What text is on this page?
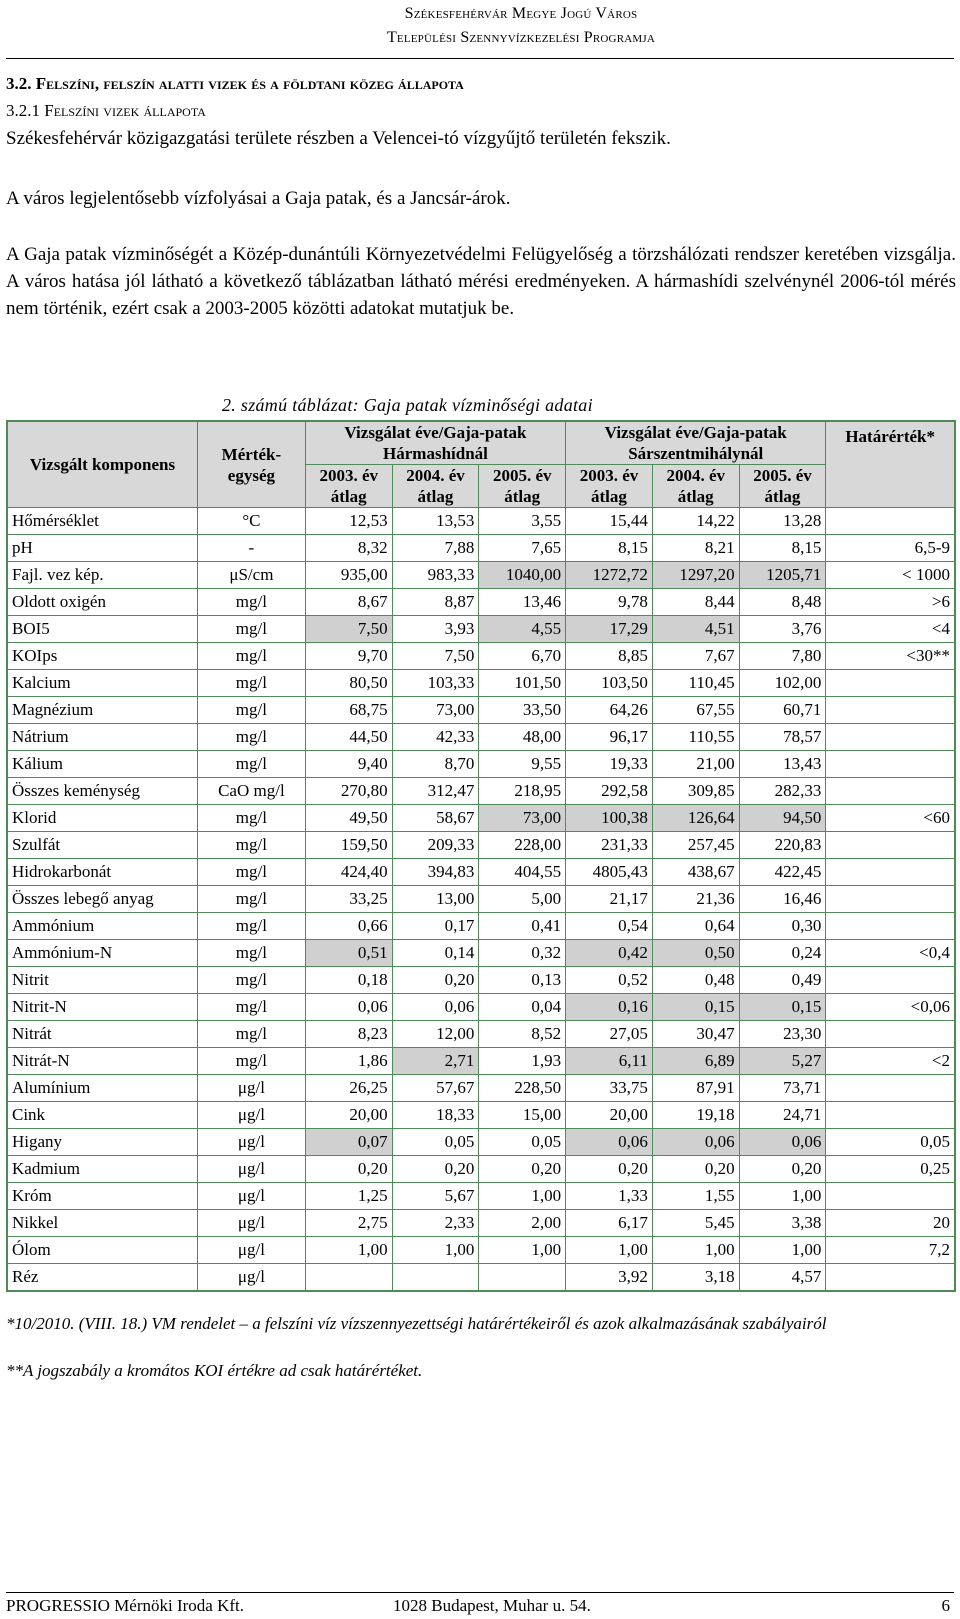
Székesfehérvár Megye Jogú Város
Települési Szennyvízkezelési Programja
3.2. Felszíni, felszín alatti vizek és a földtani közeg állapota
3.2.1 Felszíni vizek állapota
Székesfehérvár közigazgatási területe részben a Velencei-tó vízgyűjtő területén fekszik.
A város legjelentősebb vízfolyásai a Gaja patak, és a Jancsár-árok.
A Gaja patak vízminőségét a Közép-dunántúli Környezetvédelmi Felügyelőség a törzshálózati rendszer keretében vizsgálja. A város hatása jól látható a következő táblázatban látható mérési eredményeken. A hármashídi szelvénynél 2006-tól mérés nem történik, ezért csak a 2003-2005 közötti adatokat mutatjuk be.
2. számú táblázat: Gaja patak vízminőségi adatai
Vizsgált komponens	Mérték-egység	Vizsgálat éve/Gaja-patak Hármashídnál			Vizsgálat éve/Gaja-patak Sárszentmihálynál			Határérték*
		2003. év átlag	2004. év átlag	2005. év átlag	2003. év átlag	2004. év átlag	2005. év átlag	
Hőmérséklet	°C	12,53	13,53	3,55	15,44	14,22	13,28	
pH	-	8,32	7,88	7,65	8,15	8,21	8,15	6,5-9
Fajl. vez kép.	μS/cm	935,00	983,33	1040,00	1272,72	1297,20	1205,71	< 1000
Oldott oxigén	mg/l	8,67	8,87	13,46	9,78	8,44	8,48	>6
BOI5	mg/l	7,50	3,93	4,55	17,29	4,51	3,76	<4
KOIps	mg/l	9,70	7,50	6,70	8,85	7,67	7,80	<30**
Kalcium	mg/l	80,50	103,33	101,50	103,50	110,45	102,00	
Magnézium	mg/l	68,75	73,00	33,50	64,26	67,55	60,71	
Nátrium	mg/l	44,50	42,33	48,00	96,17	110,55	78,57	
Kálium	mg/l	9,40	8,70	9,55	19,33	21,00	13,43	
Összes keménység	CaO mg/l	270,80	312,47	218,95	292,58	309,85	282,33	
Klorid	mg/l	49,50	58,67	73,00	100,38	126,64	94,50	<60
Szulfát	mg/l	159,50	209,33	228,00	231,33	257,45	220,83	
Hidrokarbonát	mg/l	424,40	394,83	404,55	4805,43	438,67	422,45	
Összes lebegő anyag	mg/l	33,25	13,00	5,00	21,17	21,36	16,46	
Ammónium	mg/l	0,66	0,17	0,41	0,54	0,64	0,30	
Ammónium-N	mg/l	0,51	0,14	0,32	0,42	0,50	0,24	<0,4
Nitrit	mg/l	0,18	0,20	0,13	0,52	0,48	0,49	
Nitrit-N	mg/l	0,06	0,06	0,04	0,16	0,15	0,15	<0,06
Nitrát	mg/l	8,23	12,00	8,52	27,05	30,47	23,30	
Nitrát-N	mg/l	1,86	2,71	1,93	6,11	6,89	5,27	<2
Alumínium	μg/l	26,25	57,67	228,50	33,75	87,91	73,71	
Cink	μg/l	20,00	18,33	15,00	20,00	19,18	24,71	
Higany	μg/l	0,07	0,05	0,05	0,06	0,06	0,06	0,05
Kadmium	μg/l	0,20	0,20	0,20	0,20	0,20	0,20	0,25
Króm	μg/l	1,25	5,67	1,00	1,33	1,55	1,00	
Nikkel	μg/l	2,75	2,33	2,00	6,17	5,45	3,38	20
Ólom	μg/l	1,00	1,00	1,00	1,00	1,00	1,00	7,2
Réz	μg/l				3,92	3,18	4,57	
*10/2010. (VIII. 18.) VM rendelet – a felszíni víz vízszennyezettségi határértékeiről és azok alkalmazásának szabályairól
**A jogszabály a kromátos KOI értékre ad csak határértéket.
PROGRESSIO Mérnöki Iroda Kft.	1028 Budapest, Muhar u. 54.	6
